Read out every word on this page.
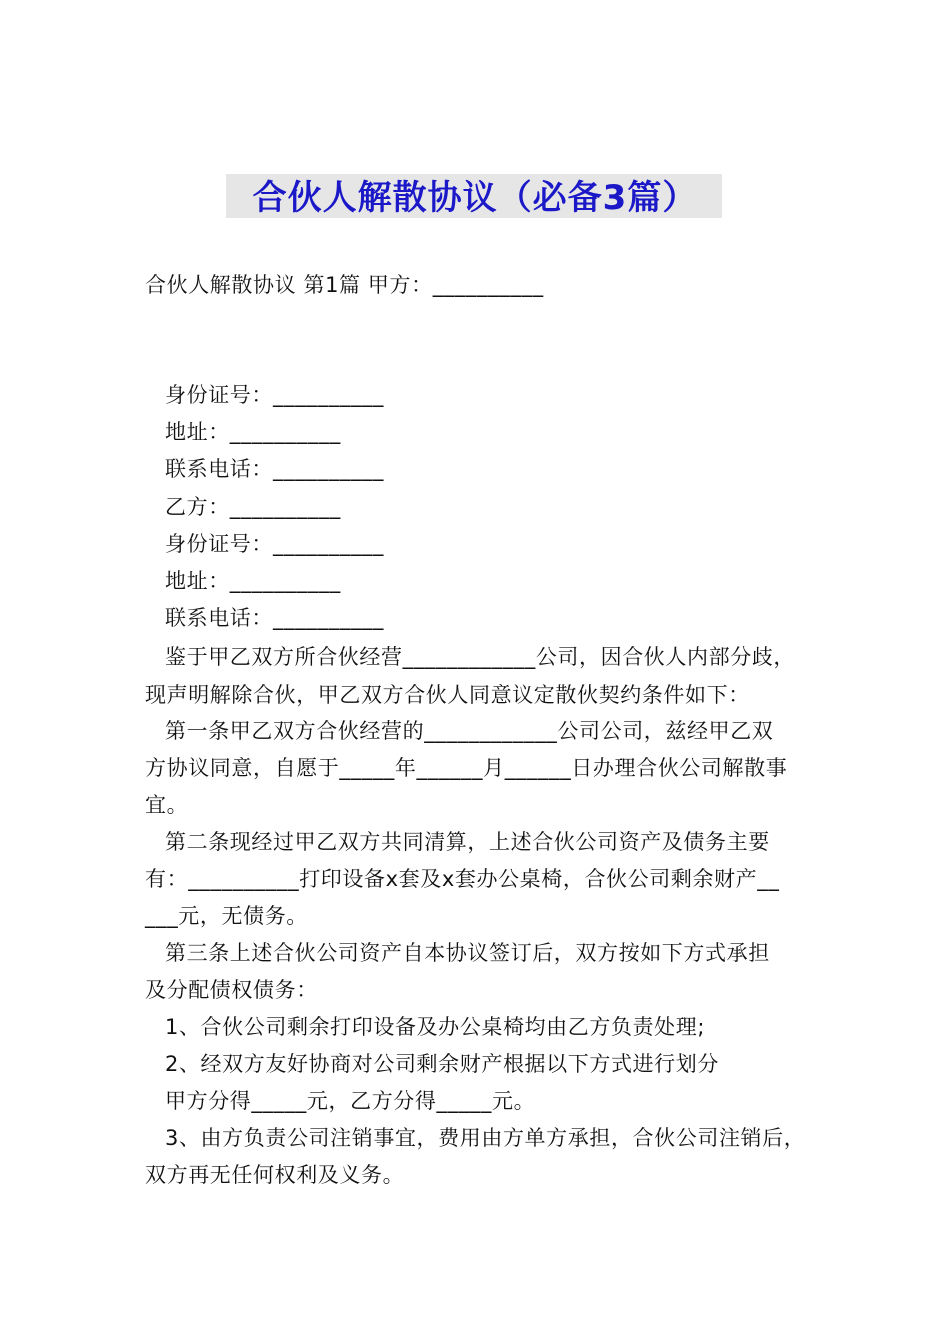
合伙人解散协议（必备3篇）
合伙人解散协议 第1篇 甲方：__________
身份证号：__________
地址：__________
联系电话：__________
乙方：__________
身份证号：__________
地址：__________
联系电话：__________
鉴于甲乙双方所合伙经营____________公司，因合伙人内部分歧，
现声明解除合伙，甲乙双方合伙人同意议定散伙契约条件如下：
第一条甲乙双方合伙经营的____________公司公司，兹经甲乙双
方协议同意，自愿于_____年______月______日办理合伙公司解散事
宜。
第二条现经过甲乙双方共同清算，上述合伙公司资产及债务主要
有：__________打印设备x套及x套办公桌椅，合伙公司剩余财产__
___元，无债务。
第三条上述合伙公司资产自本协议签订后，双方按如下方式承担
及分配债权债务：
1、合伙公司剩余打印设备及办公桌椅均由乙方负责处理;
2、经双方友好协商对公司剩余财产根据以下方式进行划分
甲方分得_____元，乙方分得_____元。
3、由方负责公司注销事宜，费用由方单方承担，合伙公司注销后，
双方再无任何权利及义务。
